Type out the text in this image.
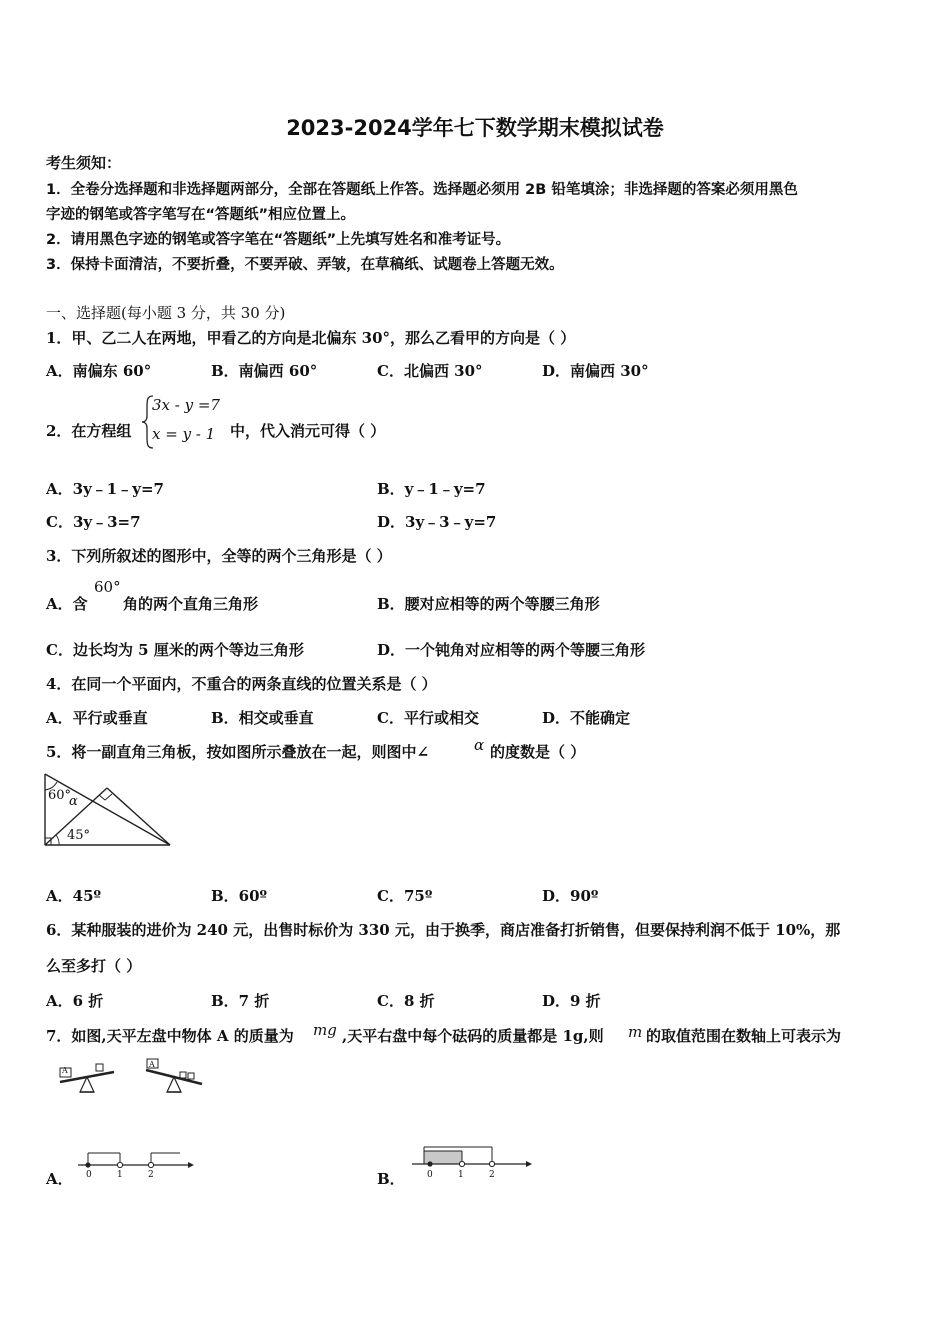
2023-2024学年七下数学期末模拟试卷
考生须知：
1．全卷分选择题和非选择题两部分，全部在答题纸上作答。选择题必须用 2B 铅笔填涂；非选择题的答案必须用黑色
字迹的钢笔或答字笔写在“答题纸”相应位置上。
2．请用黑色字迹的钢笔或答字笔在“答题纸”上先填写姓名和准考证号。
3．保持卡面清洁，不要折叠，不要弄破、弄皱，在草稿纸、试题卷上答题无效。
一、选择题(每小题 3 分，共 30 分)
1．甲、乙二人在两地，甲看乙的方向是北偏东 30°，那么乙看甲的方向是（ ）
A．南偏东 60°	B．南偏西 60°	C．北偏西 30°	D．南偏西 30°
2．在方程组
3x - y =7
x = y - 1 中，代入消元可得（ ）
A．3y﹣1﹣y=7	B．y﹣1﹣y=7
C．3y﹣3=7	D．3y﹣3﹣y=7
3．下列所叙述的图形中，全等的两个三角形是（ ）
A．含
60°
角的两个直角三角形	B．腰对应相等的两个等腰三角形
C．边长均为 5 厘米的两个等边三角形	D．一个钝角对应相等的两个等腰三角形
4．在同一个平面内，不重合的两条直线的位置关系是（ ）
A．平行或垂直	B．相交或垂直	C．平行或相交	D．不能确定
5．将一副直角三角板，按如图所示叠放在一起，则图中∠	α 的度数是（ ）
60°
α
45°
A．45º	B．60º	C．75º	D．90º
6．某种服装的进价为 240 元，出售时标价为 330 元，由于换季，商店准备打折销售，但要保持利润不低于 10%，那
么至多打（ ）
A．6 折	B．7 折	C．8 折	D．9 折
7．如图,天平左盘中物体 A 的质量为 mg ,天平右盘中每个砝码的质量都是 1g,则 m 的取值范围在数轴上可表示为
A
A
A． 0	1	2	B． 0	1	2
